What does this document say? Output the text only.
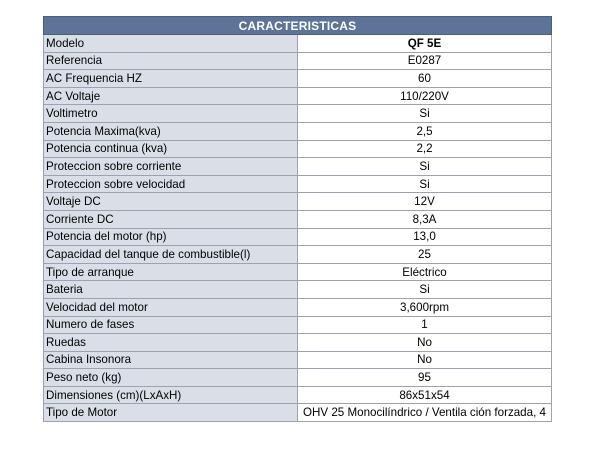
CARACTERISTICAS	
Modelo	QF 5E
Referencia	E0287
AC Frequencia HZ	60
AC Voltaje	110/220V
Voltimetro	Si
Potencia Maxima(kva)	2,5
Potencia continua (kva)	2,2
Proteccion sobre corriente	Si
Proteccion sobre velocidad	Si
Voltaje DC	12V
Corriente DC	8,3A
Potencia del motor (hp)	13,0
Capacidad del tanque de combustible(l)	25
Tipo de arranque	Eléctrico
Bateria	Si
Velocidad del motor	3,600rpm
Numero de fases	1
Ruedas	No
Cabina Insonora	No
Peso neto (kg)	95
Dimensiones (cm)(LxAxH)	86x51x54
Tipo de Motor	OHV 25 Monocilíndrico / Ventila ción forzada, 4
